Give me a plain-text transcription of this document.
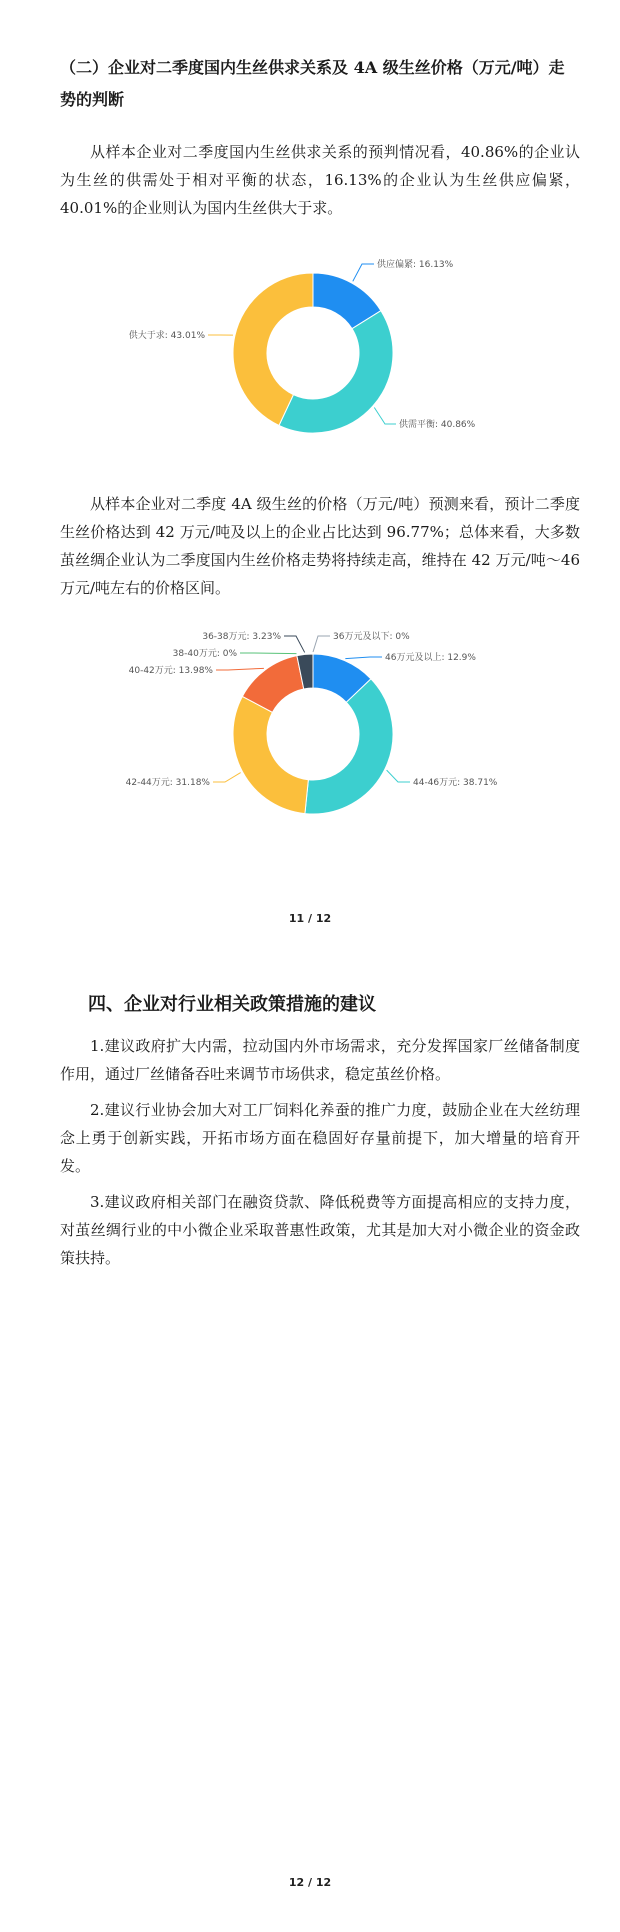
（二）企业对二季度国内生丝供求关系及 4A 级生丝价格（万元/吨）走势的判断

从样本企业对二季度国内生丝供求关系的预判情况看，40.86%的企业认为生丝的供需处于相对平衡的状态，16.13%的企业认为生丝供应偏紧，40.01%的企业则认为国内生丝供大于求。

供应偏紧: 16.13%
供需平衡: 40.86%
供大于求: 43.01%

从样本企业对二季度 4A 级生丝的价格（万元/吨）预测来看，预计二季度生丝价格达到 42 万元/吨及以上的企业占比达到 96.77%；总体来看，大多数茧丝绸企业认为二季度国内生丝价格走势将持续走高，维持在 42 万元/吨～46 万元/吨左右的价格区间。

46万元及以上: 12.9%
44-46万元: 38.71%
42-44万元: 31.18%
40-42万元: 13.98%
38-40万元: 0%
36-38万元: 3.23%	36万元及以下: 0%
11 / 12
四、企业对行业相关政策措施的建议

1.建议政府扩大内需，拉动国内外市场需求，充分发挥国家厂丝储备制度作用，通过厂丝储备吞吐来调节市场供求，稳定茧丝价格。

2.建议行业协会加大对工厂饲料化养蚕的推广力度，鼓励企业在大丝纺理念上勇于创新实践，开拓市场方面在稳固好存量前提下，加大增量的培育开发。

3.建议政府相关部门在融资贷款、降低税费等方面提高相应的支持力度，对茧丝绸行业的中小微企业采取普惠性政策，尤其是加大对小微企业的资金政策扶持。

12 / 12
